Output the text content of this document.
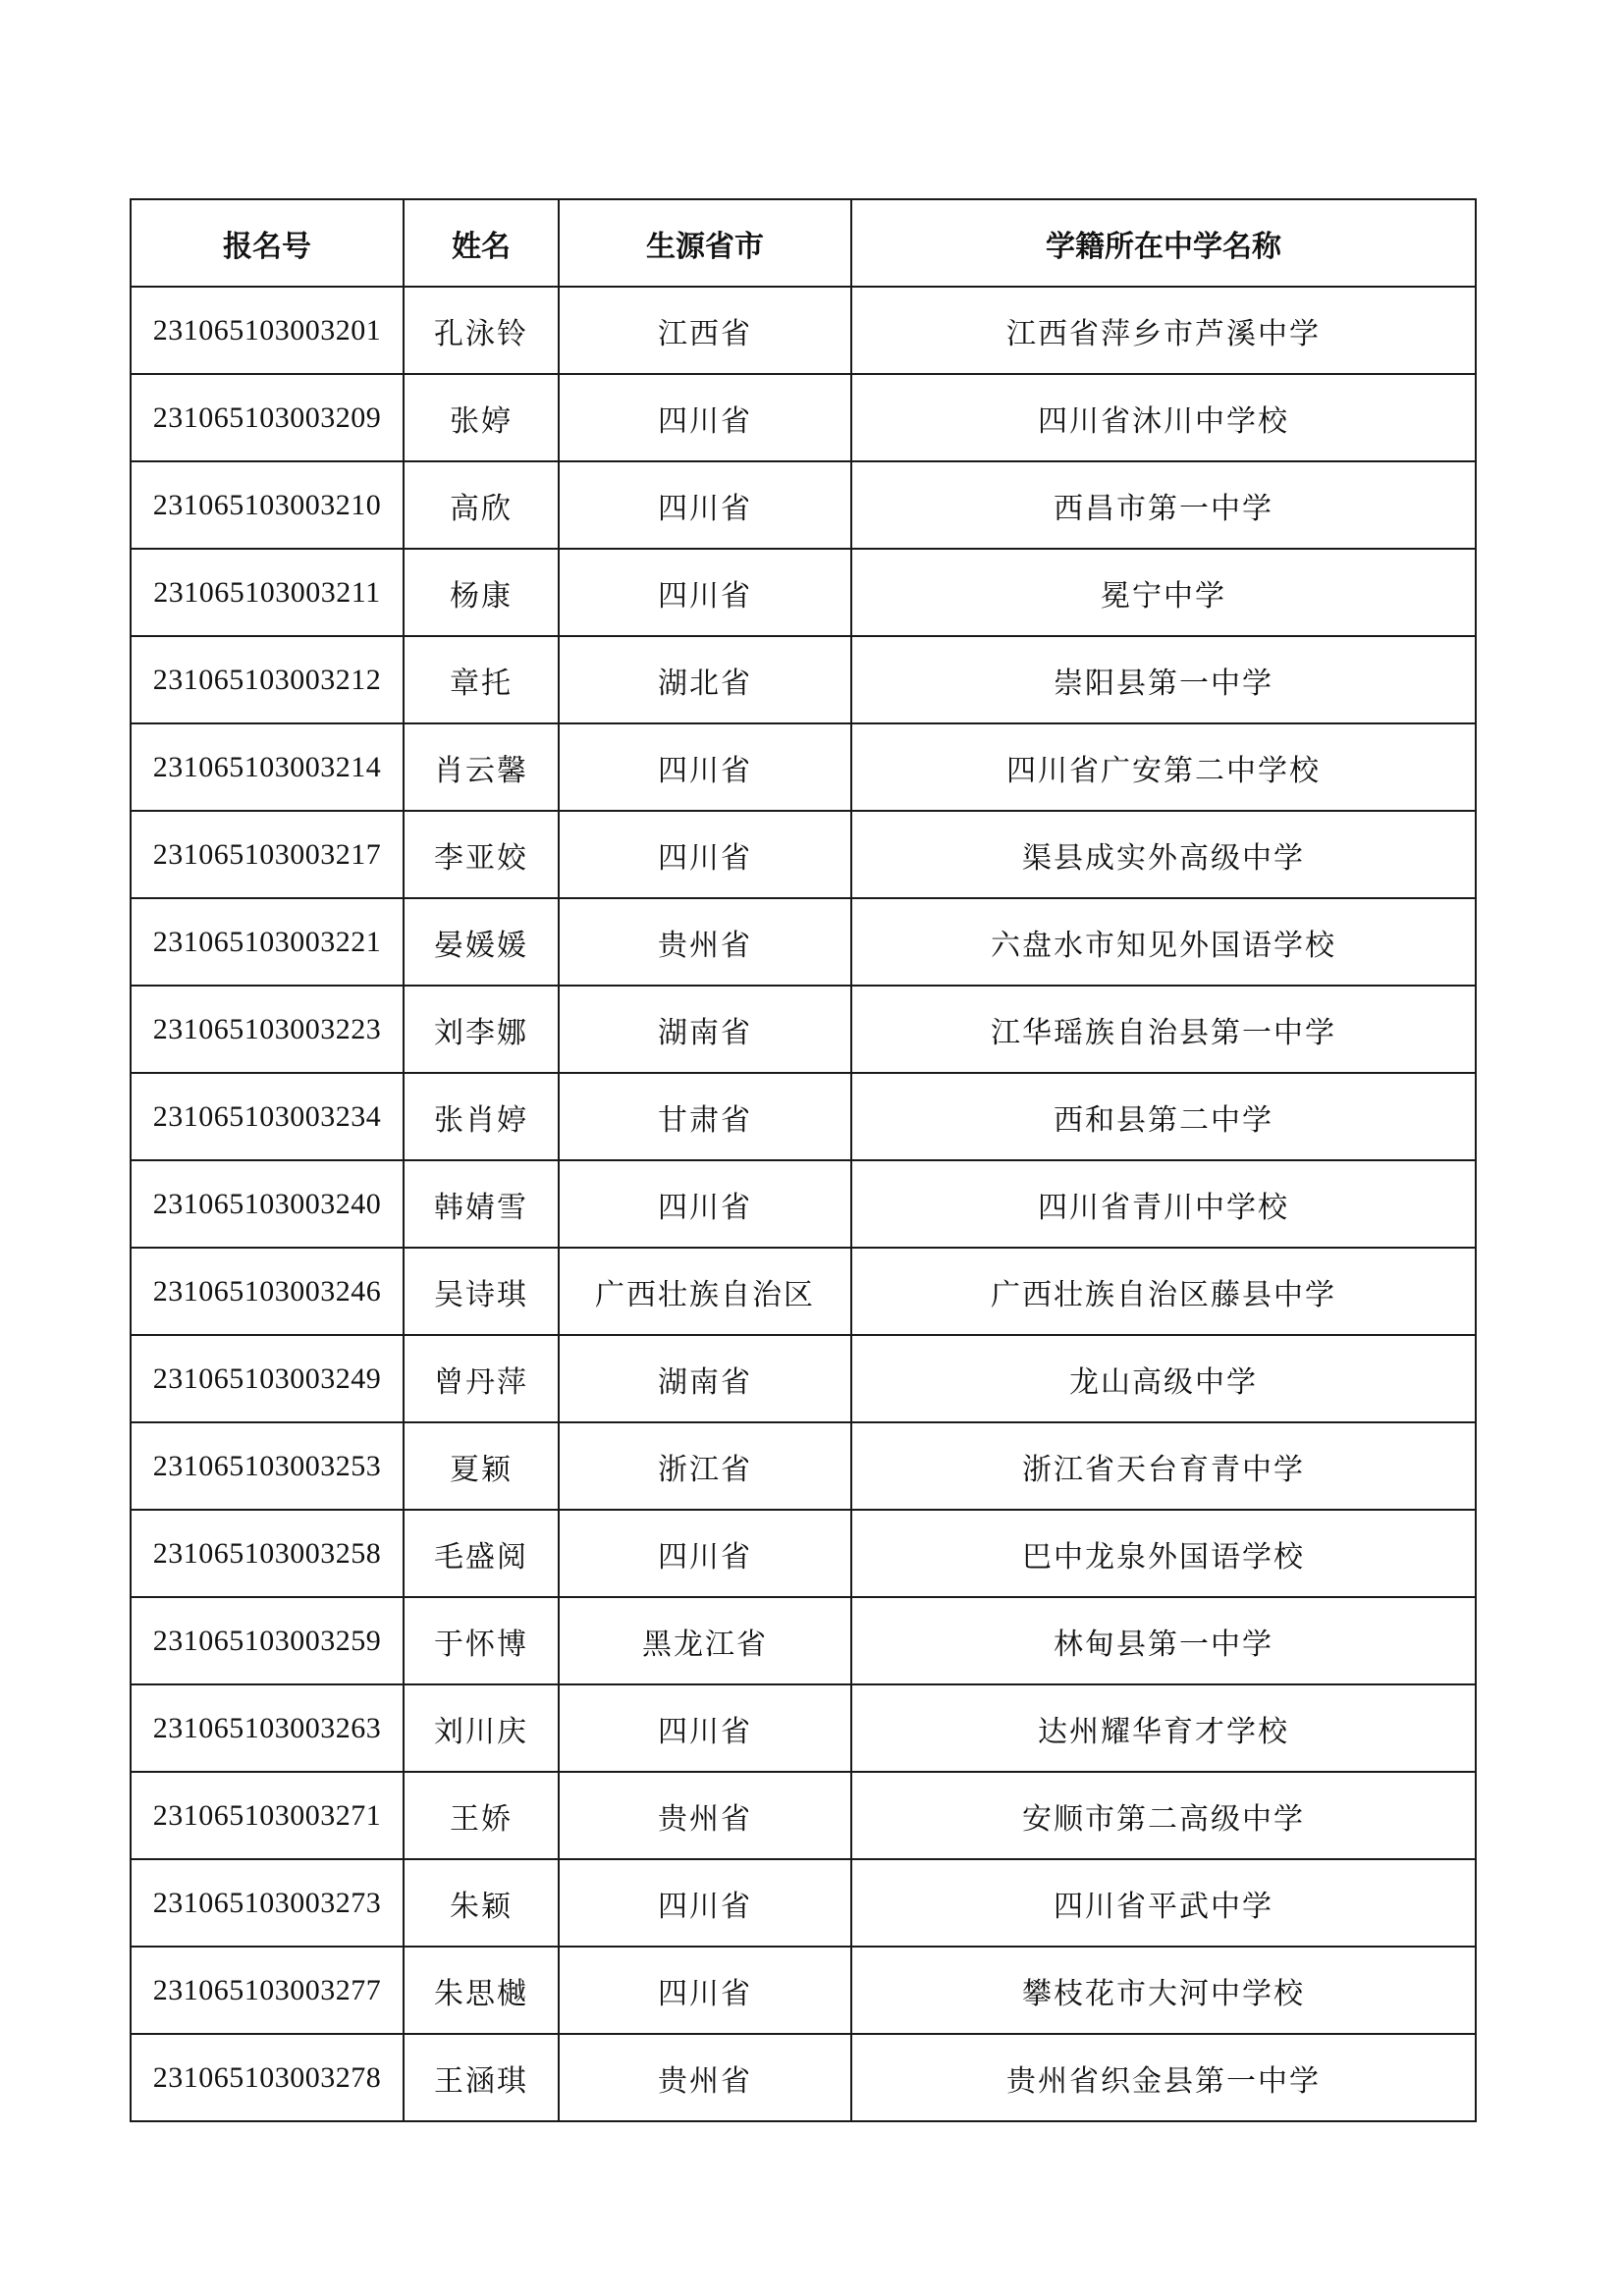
报名号	姓名	生源省市	学籍所在中学名称
231065103003201	孔泳铃	江西省	江西省萍乡市芦溪中学
231065103003209	张婷	四川省	四川省沐川中学校
231065103003210	高欣	四川省	西昌市第一中学
231065103003211	杨康	四川省	冕宁中学
231065103003212	章托	湖北省	崇阳县第一中学
231065103003214	肖云馨	四川省	四川省广安第二中学校
231065103003217	李亚姣	四川省	渠县成实外高级中学
231065103003221	晏媛媛	贵州省	六盘水市知见外国语学校
231065103003223	刘李娜	湖南省	江华瑶族自治县第一中学
231065103003234	张肖婷	甘肃省	西和县第二中学
231065103003240	韩婧雪	四川省	四川省青川中学校
231065103003246	吴诗琪	广西壮族自治区	广西壮族自治区藤县中学
231065103003249	曾丹萍	湖南省	龙山高级中学
231065103003253	夏颖	浙江省	浙江省天台育青中学
231065103003258	毛盛阅	四川省	巴中龙泉外国语学校
231065103003259	于怀博	黑龙江省	林甸县第一中学
231065103003263	刘川庆	四川省	达州耀华育才学校
231065103003271	王娇	贵州省	安顺市第二高级中学
231065103003273	朱颖	四川省	四川省平武中学
231065103003277	朱思樾	四川省	攀枝花市大河中学校
231065103003278	王涵琪	贵州省	贵州省织金县第一中学
